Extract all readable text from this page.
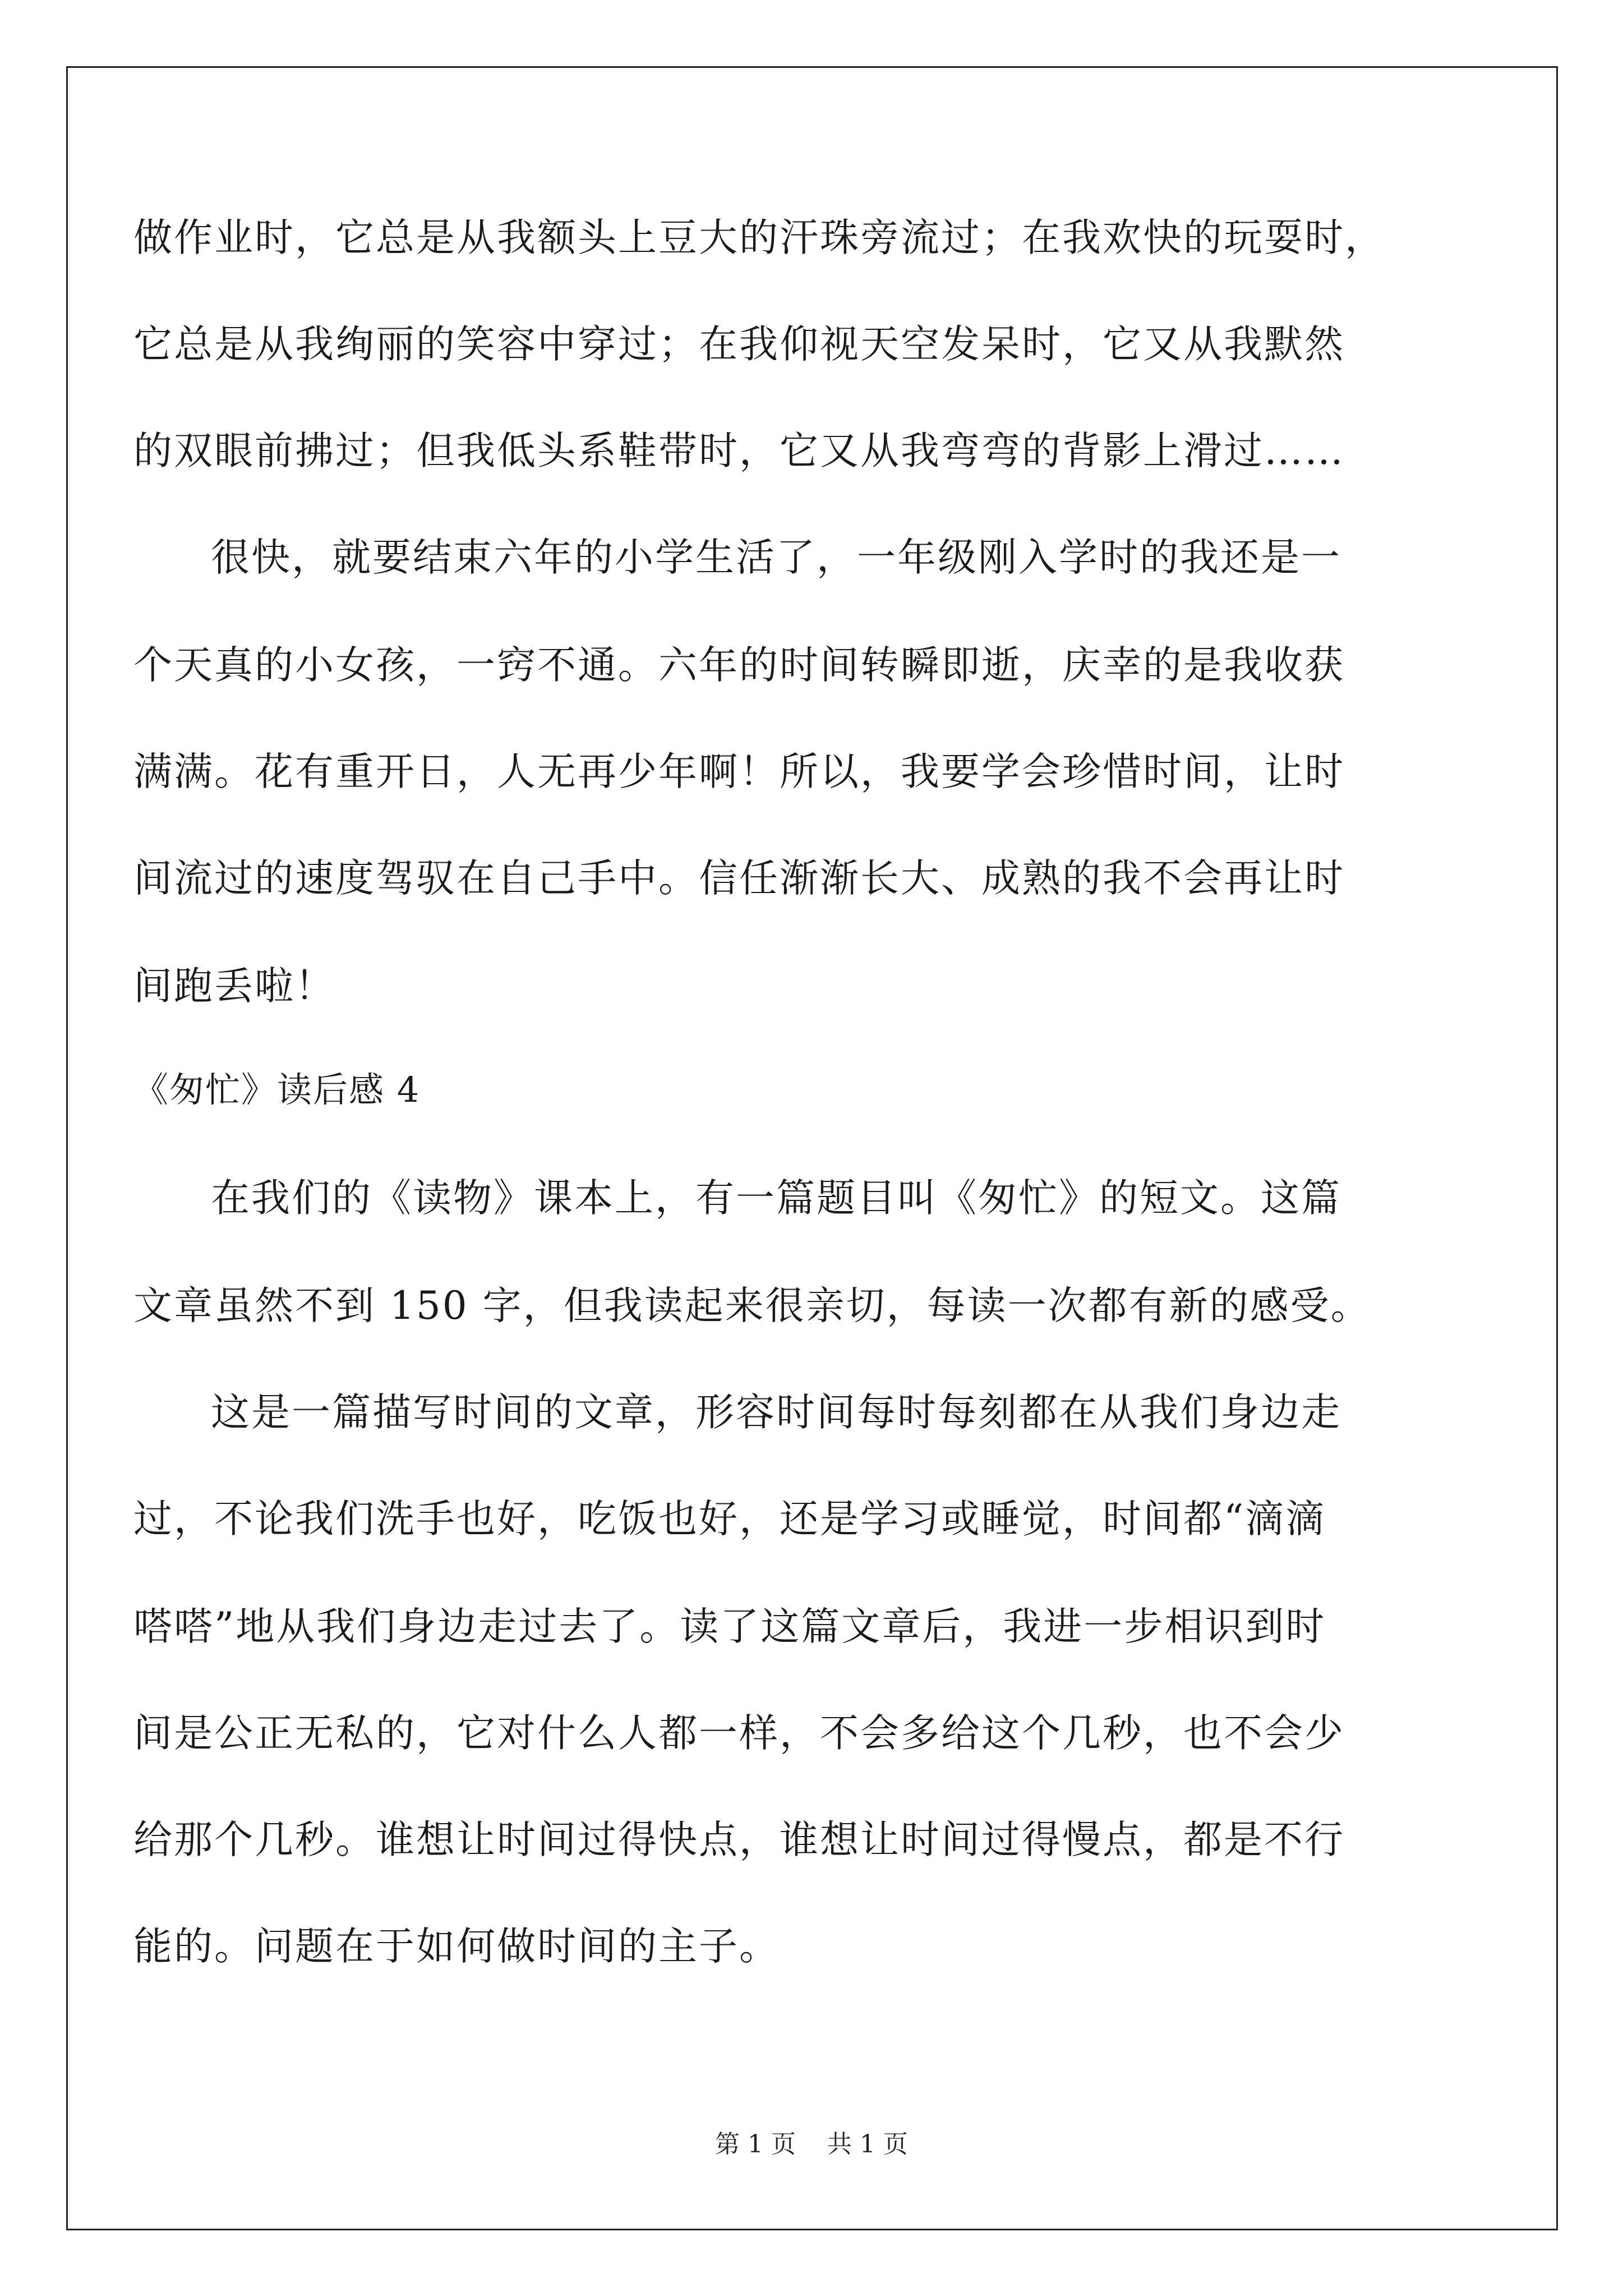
做作业时，它总是从我额头上豆大的汗珠旁流过；在我欢快的玩耍时，
它总是从我绚丽的笑容中穿过；在我仰视天空发呆时，它又从我默然
的双眼前拂过；但我低头系鞋带时，它又从我弯弯的背影上滑过……
很快，就要结束六年的小学生活了，一年级刚入学时的我还是一
个天真的小女孩，一窍不通。六年的时间转瞬即逝，庆幸的是我收获
满满。花有重开日，人无再少年啊！所以，我要学会珍惜时间，让时
间流过的速度驾驭在自己手中。信任渐渐长大、成熟的我不会再让时
间跑丢啦！
《匆忙》读后感 4
在我们的《读物》课本上，有一篇题目叫《匆忙》的短文。这篇
文章虽然不到 150 字，但我读起来很亲切，每读一次都有新的感受。
这是一篇描写时间的文章，形容时间每时每刻都在从我们身边走
过，不论我们洗手也好，吃饭也好，还是学习或睡觉，时间都“滴滴
嗒嗒”地从我们身边走过去了。读了这篇文章后，我进一步相识到时
间是公正无私的，它对什么人都一样，不会多给这个几秒，也不会少
给那个几秒。谁想让时间过得快点，谁想让时间过得慢点，都是不行
能的。问题在于如何做时间的主子。
第 1 页    共 1 页
